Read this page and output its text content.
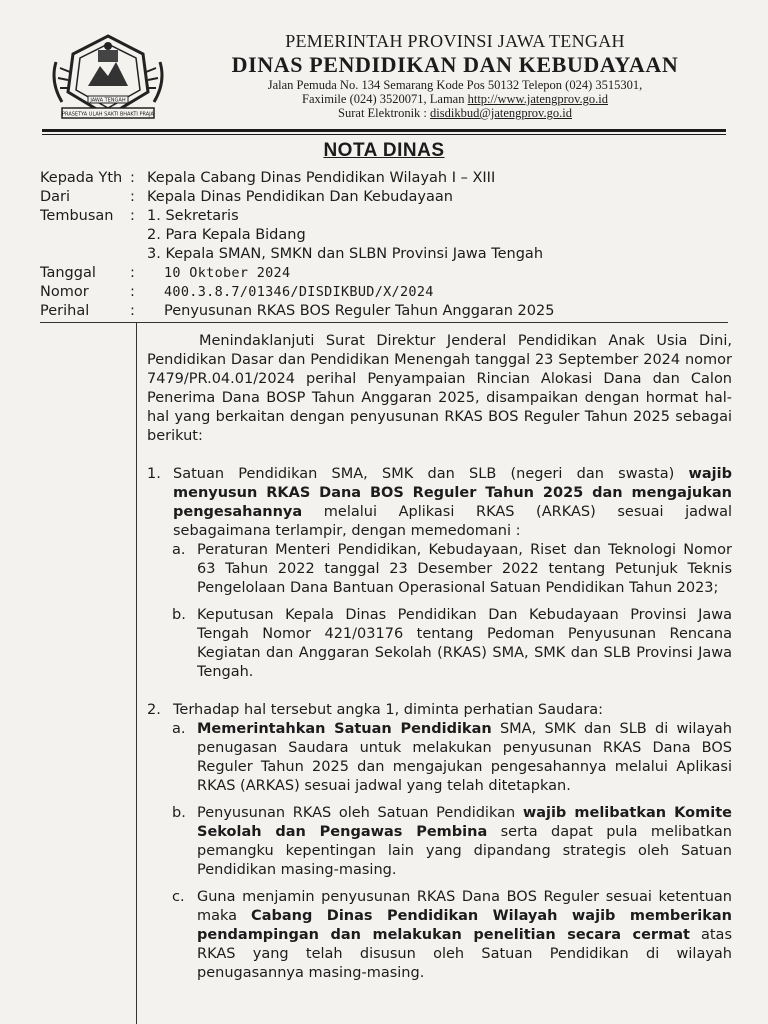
JAWA TENGAH
PRASETYA ULAH SAKTI BHAKTI PRAJA
PEMERINTAH PROVINSI JAWA TENGAH
DINAS PENDIDIKAN DAN KEBUDAYAAN
Jalan Pemuda No. 134 Semarang Kode Pos 50132 Telepon (024) 3515301,
Faximile (024) 3520071, Laman http://www.jatengprov.go.id
Surat Elektronik : disdikbud@jatengprov.go.id
NOTA DINAS
Kepada Yth : Kepala Cabang Dinas Pendidikan Wilayah I – XIII
Dari	: Kepala Dinas Pendidikan Dan Kebudayaan
Tembusan : 1. Sekretaris
2. Para Kepala Bidang
3. Kepala SMAN, SMKN dan SLBN Provinsi Jawa Tengah
Tanggal : 10 Oktober 2024
Nomor	: 400.3.8.7/01346/DISDIKBUD/X/2024
Perihal	: Penyusunan RKAS BOS Reguler Tahun Anggaran 2025

Menindaklanjuti Surat Direktur Jenderal Pendidikan Anak Usia Dini, Pendidikan Dasar dan Pendidikan Menengah tanggal 23 September 2024 nomor 7479/PR.04.01/2024 perihal Penyampaian Rincian Alokasi Dana dan Calon Penerima Dana BOSP Tahun Anggaran 2025, disampaikan dengan hormat hal-hal yang berkaitan dengan penyusunan RKAS BOS Reguler Tahun 2025 sebagai berikut:

1. Satuan Pendidikan SMA, SMK dan SLB (negeri dan swasta) wajib menyusun RKAS Dana BOS Reguler Tahun 2025 dan mengajukan pengesahannya melalui Aplikasi RKAS (ARKAS) sesuai jadwal sebagaimana terlampir, dengan memedomani :

a. Peraturan Menteri Pendidikan, Kebudayaan, Riset dan Teknologi Nomor 63 Tahun 2022 tanggal 23 Desember 2022 tentang Petunjuk Teknis Pengelolaan Dana Bantuan Operasional Satuan Pendidikan Tahun 2023;

b. Keputusan Kepala Dinas Pendidikan Dan Kebudayaan Provinsi Jawa Tengah Nomor 421/03176 tentang Pedoman Penyusunan Rencana Kegiatan dan Anggaran Sekolah (RKAS) SMA, SMK dan SLB Provinsi Jawa Tengah.

2. Terhadap hal tersebut angka 1, diminta perhatian Saudara:

a. Memerintahkan Satuan Pendidikan SMA, SMK dan SLB di wilayah penugasan Saudara untuk melakukan penyusunan RKAS Dana BOS Reguler Tahun 2025 dan mengajukan pengesahannya melalui Aplikasi RKAS (ARKAS) sesuai jadwal yang telah ditetapkan.

b. Penyusunan RKAS oleh Satuan Pendidikan wajib melibatkan Komite Sekolah dan Pengawas Pembina serta dapat pula melibatkan pemangku kepentingan lain yang dipandang strategis oleh Satuan Pendidikan masing-masing.

c. Guna menjamin penyusunan RKAS Dana BOS Reguler sesuai ketentuan maka Cabang Dinas Pendidikan Wilayah wajib memberikan pendampingan dan melakukan penelitian secara cermat atas RKAS yang telah disusun oleh Satuan Pendidikan di wilayah penugasannya masing-masing.
